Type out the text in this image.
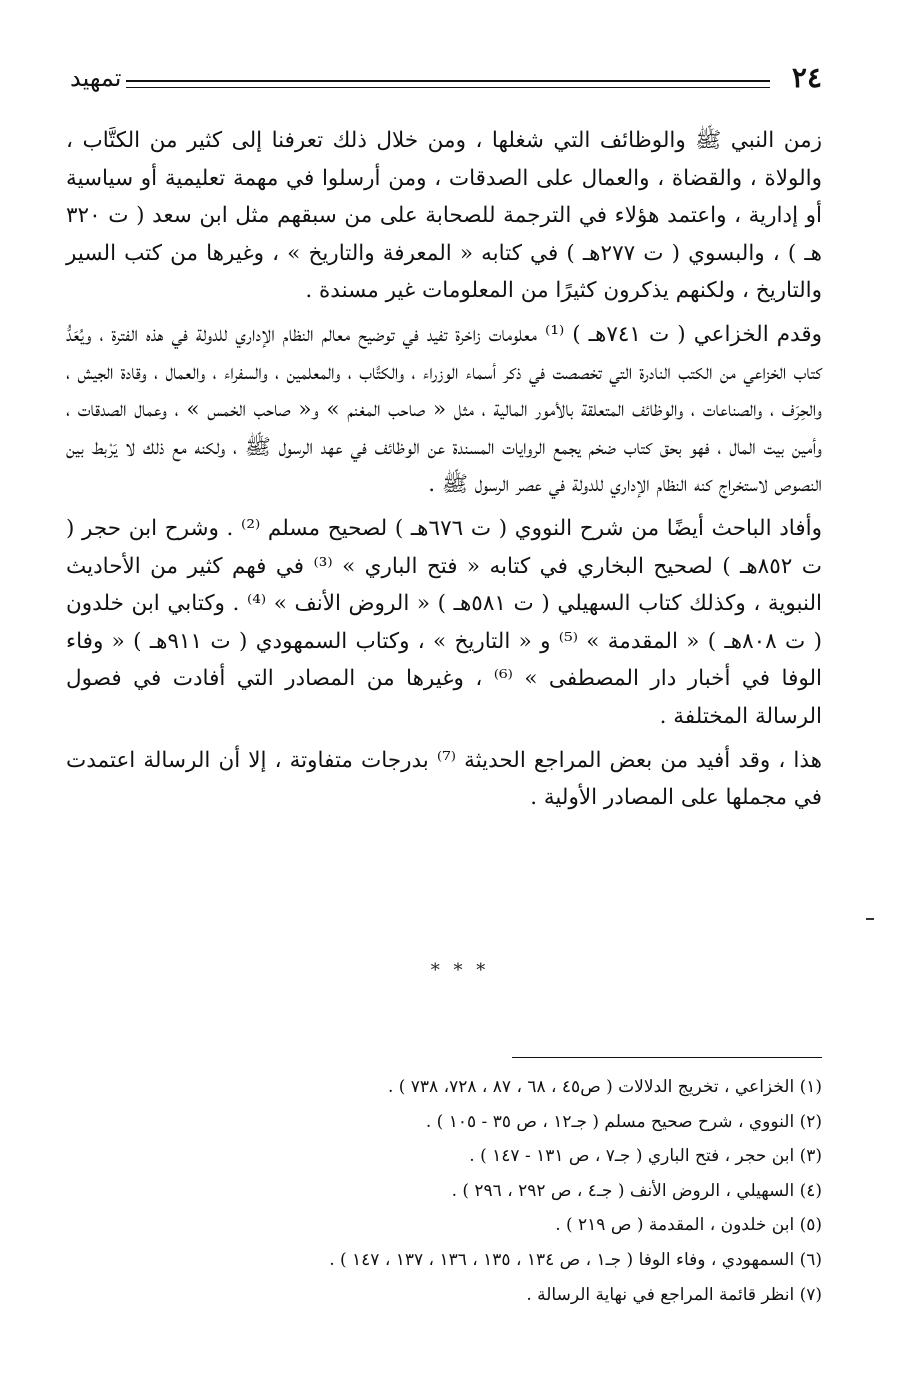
٢٤
تمهيد

زمن النبي ﷺ والوظائف التي شغلها ، ومن خلال ذلك تعرفنا إلى كثير من الكتَّاب ، والولاة ، والقضاة ، والعمال على الصدقات ، ومن أرسلوا في مهمة تعليمية أو سياسية أو إدارية ، واعتمد هؤلاء في الترجمة للصحابة على من سبقهم مثل ابن سعد ( ت ٣٢٠ هـ ) ، والبسوي ( ت ٢٧٧هـ ) في كتابه « المعرفة والتاريخ » ، وغيرها من كتب السير والتاريخ ، ولكنهم يذكرون كثيرًا من المعلومات غير مسندة .

وقدم الخزاعي ( ت ٧٤١هـ ) ⁽¹⁾ معلومات زاخرة تفيد في توضيح معالم النظام الإداري للدولة في هذه الفترة ، ويُعَدُّ كتاب الخزاعي من الكتب النادرة التي تخصصت في ذكر أسماء الوزراء ، والكتَّاب ، والمعلمين ، والسفراء ، والعمال ، وقادة الجيش ، والحِرَف ، والصناعات ، والوظائف المتعلقة بالأمور المالية ، مثل « صاحب المغنم » و« صاحب الخمس » ، وعمال الصدقات ، وأمين بيت المال ، فهو بحق كتاب ضخم يجمع الروايات المسندة عن الوظائف في عهد الرسول ﷺ ، ولكنه مع ذلك لا يَرْبط بين النصوص لاستخراج كنه النظام الإداري للدولة في عصر الرسول ﷺ .

وأفاد الباحث أيضًا من شرح النووي ( ت ٦٧٦هـ ) لصحيح مسلم ⁽²⁾ . وشرح ابن حجر ( ت ٨٥٢هـ ) لصحيح البخاري في كتابه « فتح الباري » ⁽³⁾ في فهم كثير من الأحاديث النبوية ، وكذلك كتاب السهيلي ( ت ٥٨١هـ ) « الروض الأنف » ⁽⁴⁾ . وكتابي ابن خلدون ( ت ٨٠٨هـ ) « المقدمة » ⁽⁵⁾ و « التاريخ » ، وكتاب السمهودي ( ت ٩١١هـ ) « وفاء الوفا في أخبار دار المصطفى » ⁽⁶⁾ ، وغيرها من المصادر التي أفادت في فصول الرسالة المختلفة .

هذا ، وقد أفيد من بعض المراجع الحديثة ⁽⁷⁾ بدرجات متفاوتة ، إلا أن الرسالة اعتمدت في مجملها على المصادر الأولية .

* * *
(١) الخزاعي ، تخريج الدلالات ( ص٤٥ ، ٦٨ ، ٨٧ ، ٧٢٨، ٧٣٨ ) .
(٢) النووي ، شرح صحيح مسلم ( جـ١٢ ، ص ٣٥ - ١٠٥ ) .
(٣) ابن حجر ، فتح الباري ( جـ٧ ، ص ١٣١ - ١٤٧ ) .
(٤) السهيلي ، الروض الأنف ( جـ٤ ، ص ٢٩٢ ، ٢٩٦ ) .
(٥) ابن خلدون ، المقدمة ( ص ٢١٩ ) .
(٦) السمهودي ، وفاء الوفا ( جـ١ ، ص ١٣٤ ، ١٣٥ ، ١٣٦ ، ١٣٧ ، ١٤٧ ) .
(٧) انظر قائمة المراجع في نهاية الرسالة .
